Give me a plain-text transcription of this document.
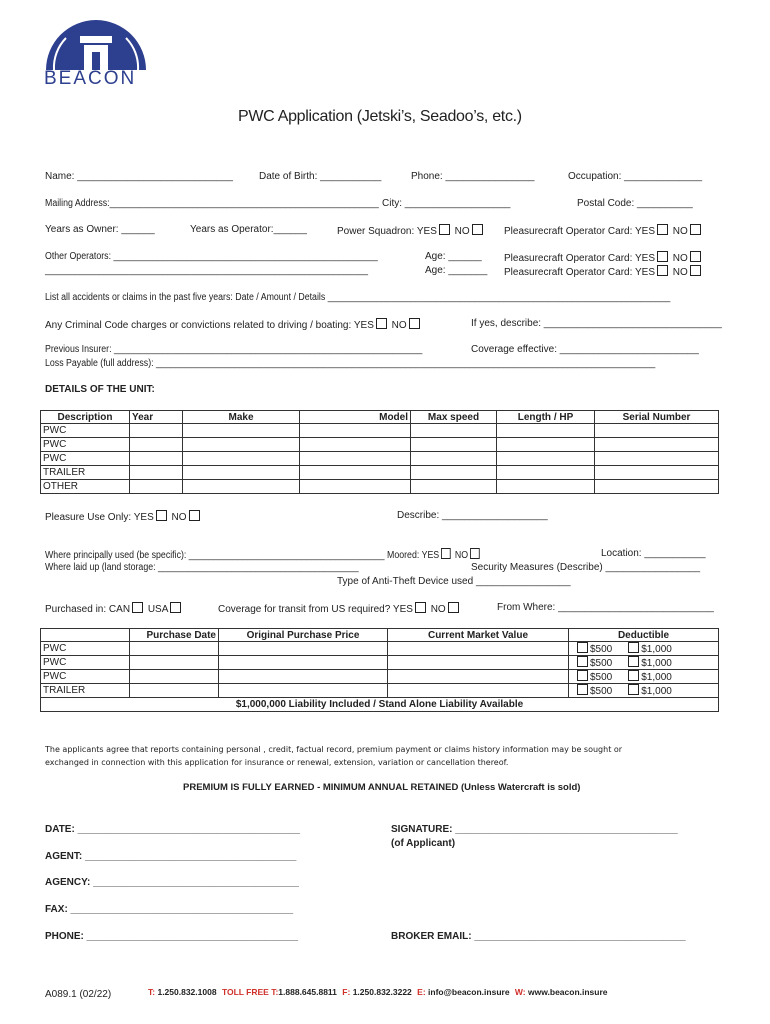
BEACON
PWC Application (Jetski’s, Seadoo’s, etc.)
Name: ____________________________	Date of Birth: ___________	Phone: ________________	Occupation: ______________
Mailing Address:_______________________________________________________ City: ___________________	Postal Code: __________
Years as Owner: ______	Years as Operator:______	Power Squadron: YES NO	Pleasurecraft Operator Card: YES NO
Other Operators: ______________________________________________________
__________________________________________________________________
Age: ______
Age: _______
Pleasurecraft Operator Card: YES NO
Pleasurecraft Operator Card: YES NO
List all accidents or claims in the past five years: Date / Amount / Details ______________________________________________________________________
Any Criminal Code charges or convictions related to driving / boating: YES NO	If yes, describe: ________________________________
Previous Insurer: _______________________________________________________________	Coverage effective: _________________________
Loss Payable (full address): ______________________________________________________________________________________________________
DETAILS OF THE UNIT:
Description	Year	Make	Model	Max speed	Length / HP	Serial Number
PWC						
PWC						
PWC						
TRAILER						
OTHER						
Pleasure Use Only: YES NO	Describe: ___________________
Where principally used (be specific): ________________________________________ Moored: YES NO	Location: ___________
Where laid up (land storage: _________________________________________	Security Measures (Describe) _________________
Type of Anti-Theft Device used _________________
Purchased in: CAN USA	Coverage for transit from US required? YES NO	From Where: ____________________________
	Purchase Date	Original Purchase Price	Current Market Value	Deductible
PWC				$500 $1,000
PWC				$500 $1,000
PWC				$500 $1,000
TRAILER				$500 $1,000
$1,000,000 Liability Included / Stand Alone Liability Available				
The applicants agree that reports containing personal , credit, factual record, premium payment or claims history information may be sought or exchanged in connection with this application for insurance or renewal, extension, variation or cancellation thereof.
PREMIUM IS FULLY EARNED - MINIMUM ANNUAL RETAINED (Unless Watercraft is sold)
DATE: ________________________________________	SIGNATURE: ________________________________________
(of Applicant)
AGENT: ______________________________________
AGENCY: _____________________________________
FAX: ________________________________________
PHONE: ______________________________________	BROKER EMAIL: ______________________________________
A089.1 (02/22)	T: 1.250.832.1008 TOLL FREE T:1.888.645.8811 F: 1.250.832.3222 E: info@beacon.insure W: www.beacon.insure
